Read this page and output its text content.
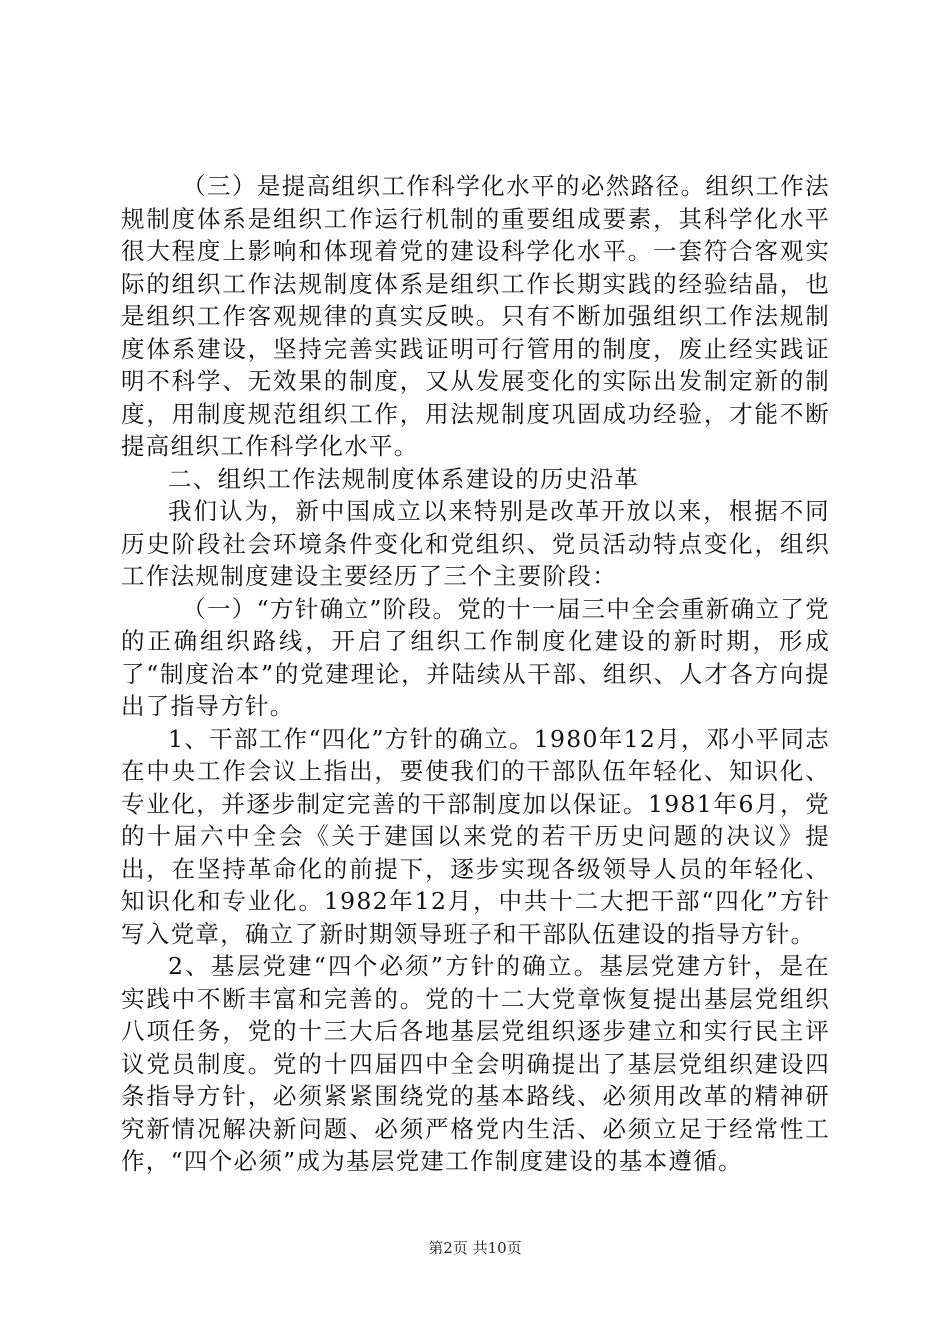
（三）是提高组织工作科学化水平的必然路径。组织工作法规制度体系是组织工作运行机制的重要组成要素，其科学化水平很大程度上影响和体现着党的建设科学化水平。一套符合客观实际的组织工作法规制度体系是组织工作长期实践的经验结晶，也是组织工作客观规律的真实反映。只有不断加强组织工作法规制度体系建设，坚持完善实践证明可行管用的制度，废止经实践证明不科学、无效果的制度，又从发展变化的实际出发制定新的制度，用制度规范组织工作，用法规制度巩固成功经验，才能不断提高组织工作科学化水平。

二、组织工作法规制度体系建设的历史沿革

我们认为，新中国成立以来特别是改革开放以来，根据不同历史阶段社会环境条件变化和党组织、党员活动特点变化，组织工作法规制度建设主要经历了三个主要阶段：

（一）“方针确立”阶段。党的十一届三中全会重新确立了党的正确组织路线，开启了组织工作制度化建设的新时期，形成了“制度治本”的党建理论，并陆续从干部、组织、人才各方向提出了指导方针。

1、干部工作“四化”方针的确立。1980年12月，邓小平同志在中央工作会议上指出，要使我们的干部队伍年轻化、知识化、专业化，并逐步制定完善的干部制度加以保证。1981年6月，党的十届六中全会《关于建国以来党的若干历史问题的决议》提出，在坚持革命化的前提下，逐步实现各级领导人员的年轻化、知识化和专业化。1982年12月，中共十二大把干部“四化”方针写入党章，确立了新时期领导班子和干部队伍建设的指导方针。

2、基层党建“四个必须”方针的确立。基层党建方针，是在实践中不断丰富和完善的。党的十二大党章恢复提出基层党组织八项任务，党的十三大后各地基层党组织逐步建立和实行民主评议党员制度。党的十四届四中全会明确提出了基层党组织建设四条指导方针，必须紧紧围绕党的基本路线、必须用改革的精神研究新情况解决新问题、必须严格党内生活、必须立足于经常性工作，“四个必须”成为基层党建工作制度建设的基本遵循。

第2页 共10页
